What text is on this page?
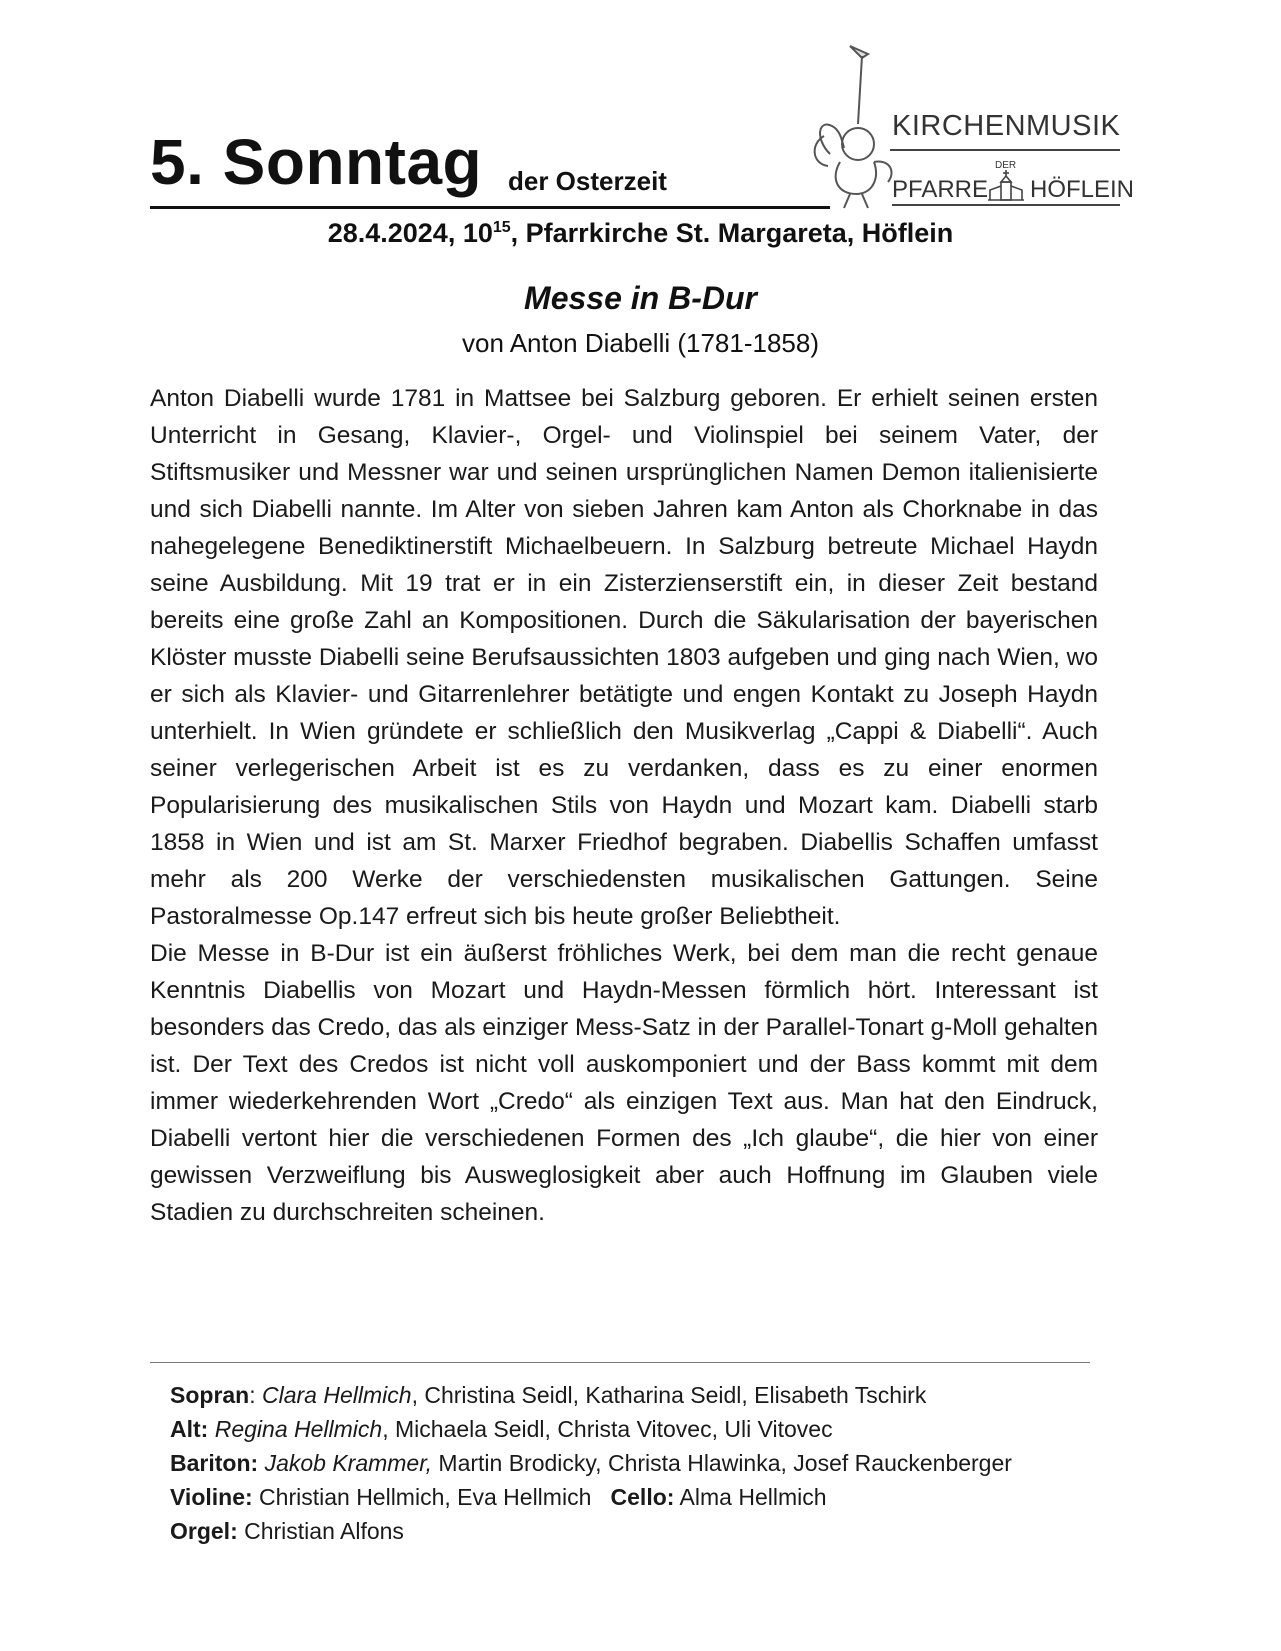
5. Sonntag der Osterzeit
KIRCHENMUSIK
DER
PFARRE HÖFLEIN
28.4.2024, $10^{15}$, Pfarrkirche St. Margareta, Höflein
Messe in B-Dur
von Anton Diabelli (1781-1858)

Anton Diabelli wurde 1781 in Mattsee bei Salzburg geboren. Er erhielt seinen ersten Unterricht in Gesang, Klavier-, Orgel- und Violinspiel bei seinem Vater, der Stiftsmusiker und Messner war und seinen ursprünglichen Namen Demon italienisierte und sich Diabelli nannte. Im Alter von sieben Jahren kam Anton als Chorknabe in das nahegelegene Benediktinerstift Michaelbeuern. In Salzburg betreute Michael Haydn seine Ausbildung. Mit 19 trat er in ein Zisterzienserstift ein, in dieser Zeit bestand bereits eine große Zahl an Kompositionen. Durch die Säkularisation der bayerischen Klöster musste Diabelli seine Berufsaussichten 1803 aufgeben und ging nach Wien, wo er sich als Klavier- und Gitarrenlehrer betätigte und engen Kontakt zu Joseph Haydn unterhielt. In Wien gründete er schließlich den Musikverlag „Cappi & Diabelli“. Auch seiner verlegerischen Arbeit ist es zu verdanken, dass es zu einer enormen Popularisierung des musikalischen Stils von Haydn und Mozart kam. Diabelli starb 1858 in Wien und ist am St. Marxer Friedhof begraben. Diabellis Schaffen umfasst mehr als 200 Werke der verschiedensten musikalischen Gattungen. Seine Pastoralmesse Op.147 erfreut sich bis heute großer Beliebtheit.

Die Messe in B-Dur ist ein äußerst fröhliches Werk, bei dem man die recht genaue Kenntnis Diabellis von Mozart und Haydn-Messen förmlich hört. Interessant ist besonders das Credo, das als einziger Mess-Satz in der Parallel-Tonart g-Moll gehalten ist. Der Text des Credos ist nicht voll auskomponiert und der Bass kommt mit dem immer wiederkehrenden Wort „Credo“ als einzigen Text aus. Man hat den Eindruck, Diabelli vertont hier die verschiedenen Formen des „Ich glaube“, die hier von einer gewissen Verzweiflung bis Ausweglosigkeit aber auch Hoffnung im Glauben viele Stadien zu durchschreiten scheinen.

Sopran: Clara Hellmich, Christina Seidl, Katharina Seidl, Elisabeth Tschirk
Alt: Regina Hellmich, Michaela Seidl, Christa Vitovec, Uli Vitovec
Bariton: Jakob Krammer, Martin Brodicky, Christa Hlawinka, Josef Rauckenberger
Violine: Christian Hellmich, Eva Hellmich Cello: Alma Hellmich
Orgel: Christian Alfons
